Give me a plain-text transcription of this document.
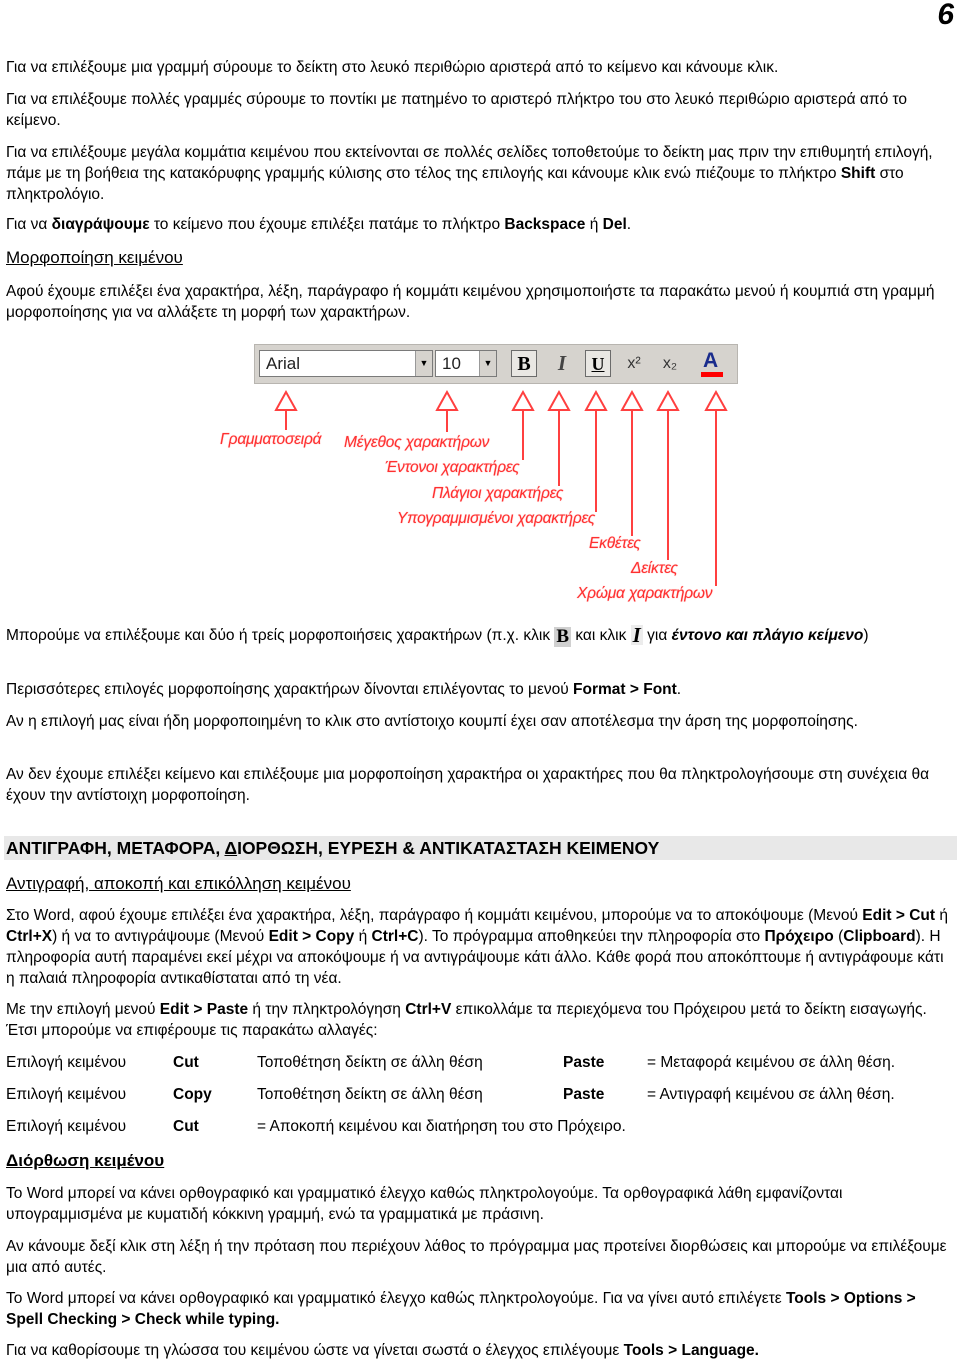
6

Για να επιλέξουμε μια γραμμή σύρουμε το δείκτη στο λευκό περιθώριο αριστερά από το κείμενο και κάνουμε κλικ.

Για να επιλέξουμε πολλές γραμμές σύρουμε το ποντίκι με πατημένο το αριστερό πλήκτρο του στο λευκό περιθώριο αριστερά από το κείμενο.

Για να επιλέξουμε μεγάλα κομμάτια κειμένου που εκτείνονται σε πολλές σελίδες τοποθετούμε το δείκτη μας πριν την επιθυμητή επιλογή, πάμε με τη βοήθεια της κατακόρυφης γραμμής κύλισης στο τέλος της επιλογής και κάνουμε κλικ ενώ πιέζουμε το πλήκτρο Shift στο πληκτρολόγιο.

Για να διαγράψουμε το κείμενο που έχουμε επιλέξει πατάμε το πλήκτρο Backspace ή Del.

Μορφοποίηση κειμένου

Αφού έχουμε επιλέξει ένα χαρακτήρα, λέξη, παράγραφο ή κομμάτι κειμένου χρησιμοποιήστε τα παρακάτω μενού ή κουμπιά στη γραμμή μορφοποίησης για να αλλάξετε τη μορφή των χαρακτήρων.

Arial	▼ 10	▼	B	I	U	x²	x₂ A
Γραμματοσειρά Μέγεθος χαρακτήρων
Έντονοι χαρακτήρες
Πλάγιοι χαρακτήρες
Υπογραμμισμένοι χαρακτήρες
Εκθέτες
Δείκτες
Χρώμα χαρακτήρων

Μπορούμε να επιλέξουμε και δύο ή τρείς μορφοποιήσεις χαρακτήρων (π.χ. κλικ B και κλικ I για έντονο και πλάγιο κείμενο)

Περισσότερες επιλογές μορφοποίησης χαρακτήρων δίνονται επιλέγοντας το μενού Format > Font.

Αν η επιλογή μας είναι ήδη μορφοποιημένη το κλικ στο αντίστοιχο κουμπί έχει σαν αποτέλεσμα την άρση της μορφοποίησης.

Αν δεν έχουμε επιλέξει κείμενο και επιλέξουμε μια μορφοποίηση χαρακτήρα οι χαρακτήρες που θα πληκτρολογήσουμε στη συνέχεια θα έχουν την αντίστοιχη μορφοποίηση.

ΑΝΤΙΓΡΑΦΗ, ΜΕΤΑΦΟΡΑ, ΔΙΟΡΘΩΣΗ, ΕΥΡΕΣΗ & ΑΝΤΙΚΑΤΑΣΤΑΣΗ ΚΕΙΜΕΝΟΥ
Αντιγραφή, αποκοπή και επικόλληση κειμένου

Στο Word, αφού έχουμε επιλέξει ένα χαρακτήρα, λέξη, παράγραφο ή κομμάτι κειμένου, μπορούμε να το αποκόψουμε (Μενού Edit > Cut ή Ctrl+X) ή να το αντιγράψουμε (Μενού Edit > Copy ή Ctrl+C). Το πρόγραμμα αποθηκεύει την πληροφορία στο Πρόχειρο (Clipboard). Η πληροφορία αυτή παραμένει εκεί μέχρι να αποκόψουμε ή να αντιγράψουμε κάτι άλλο. Κάθε φορά που αποκόπτουμε ή αντιγράφουμε κάτι η παλαιά πληροφορία αντικαθίσταται από τη νέα.

Με την επιλογή μενού Edit > Paste ή την πληκτρολόγηση Ctrl+V επικολλάμε τα περιεχόμενα του Πρόχειρου μετά το δείκτη εισαγωγής. Έτσι μπορούμε να επιφέρουμε τις παρακάτω αλλαγές:

Επιλογή κειμένου	Cut	Τοποθέτηση δείκτη σε άλλη θέση	Paste	= Μεταφορά κειμένου σε άλλη θέση.
Επιλογή κειμένου	Copy	Τοποθέτηση δείκτη σε άλλη θέση	Paste	= Αντιγραφή κειμένου σε άλλη θέση.
Επιλογή κειμένου	Cut	= Αποκοπή κειμένου και διατήρηση του στο Πρόχειρο.
Διόρθωση κειμένου

Το Word μπορεί να κάνει ορθογραφικό και γραμματικό έλεγχο καθώς πληκτρολογούμε. Τα ορθογραφικά λάθη εμφανίζονται υπογραμμισμένα με κυματιδή κόκκινη γραμμή, ενώ τα γραμματικά με πράσινη.

Αν κάνουμε δεξί κλικ στη λέξη ή την πρόταση που περιέχουν λάθος το πρόγραμμα μας προτείνει διορθώσεις και μπορούμε να επιλέξουμε μια από αυτές.

Το Word μπορεί να κάνει ορθογραφικό και γραμματικό έλεγχο καθώς πληκτρολογούμε. Για να γίνει αυτό επιλέγετε Tools > Options > Spell Checking > Check while typing.

Για να καθορίσουμε τη γλώσσα του κειμένου ώστε να γίνεται σωστά ο έλεγχος επιλέγουμε Tools > Language.
